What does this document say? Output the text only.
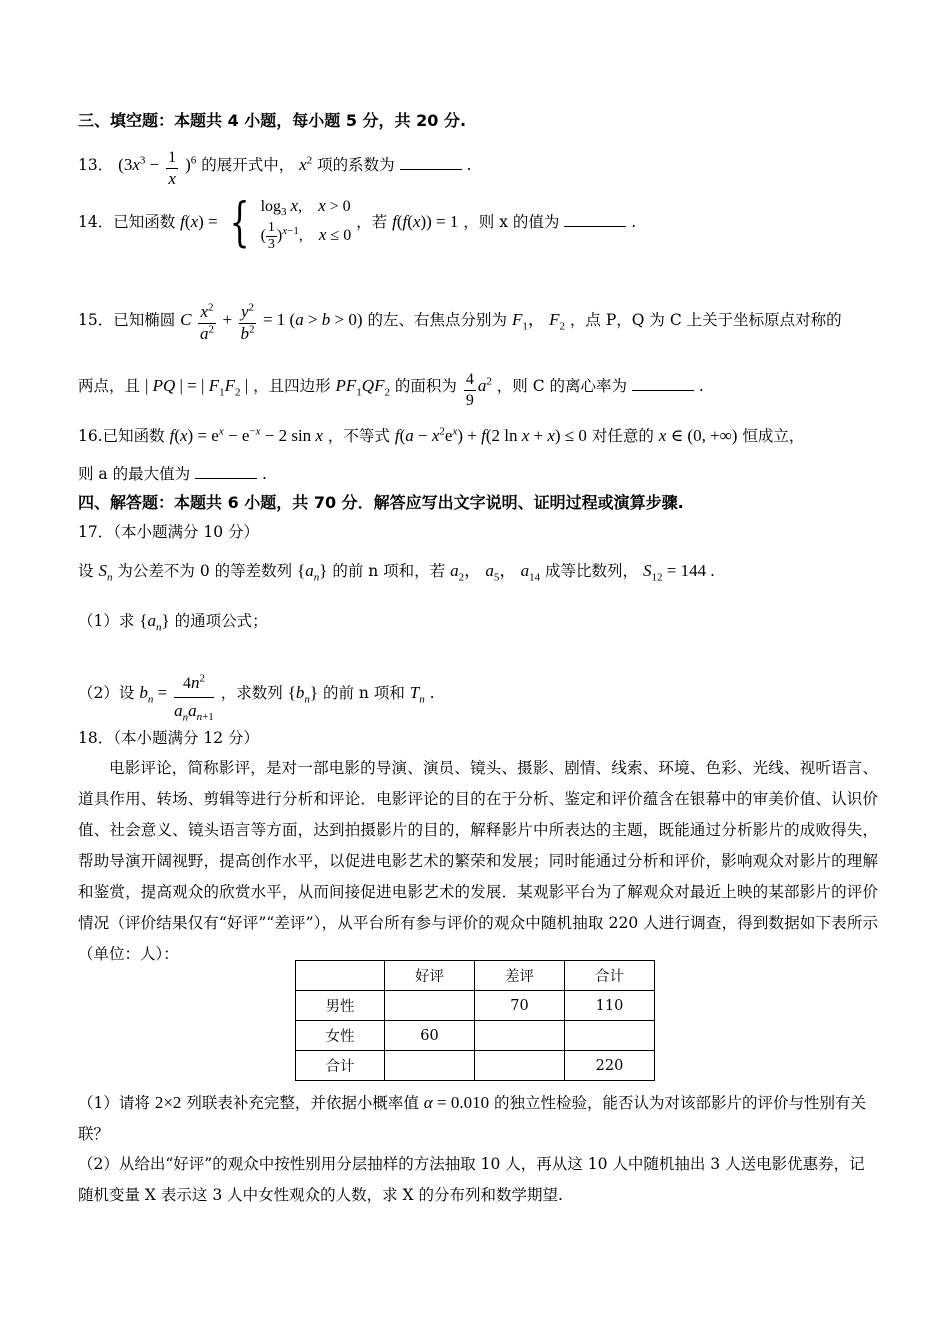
三、填空题：本题共 4 小题，每小题 5 分，共 20 分.
13． $(3x^3 - \frac{1}{x} )^6$ 的展开式中， $x^2$ 项的系数为	.
14．已知函数 f(x) = { $\log_3 x$,    x > 0
( $\frac{1}{3} )^{x-1}$,    x ≤ 0
，若 f(f(x)) = 1 ，则 x 的值为	.
15．已知椭圆 C $\frac{x^2}{a^2} + \frac{y^2}{b^2} = 1$ (a > b > 0) 的左、右焦点分别为 $F_1$， $F_2$ ，点 P，Q 为 C 上关于坐标原点对称的
两点，且 | PQ | = | $F_1F_2$ | ，且四边形 $PF_1QF_2$ 的面积为 $\frac{4}{9} a^2$ ，则 C 的离心率为	.
16.已知函数 $f(x) = e^x - e^{-x} - 2$ sin x ，不等式 $f(a - x^2e^x) + f(2$ ln x + x) ≤ 0 对任意的 x ∈ (0, +∞) 恒成立，
则 a 的最大值为	.
四、解答题：本题共 6 小题，共 70 分．解答应写出文字说明、证明过程或演算步骤.
17．（本小题满分 10 分）
设 $S_n$ 为公差不为 0 的等差数列 $\{a_n\}$ 的前 n 项和，若 $a_2$， $a_5$， $a_{14}$ 成等比数列， $S_{12} = 144$ .
（1）求 $\{a_n\}$ 的通项公式；
（2）设 $b_n = \frac{4n^2}{a_na_{n+1}}$ ，求数列 $\{b_n\}$ 的前 n 项和 $T_n$ .
18．（本小题满分 12 分）
电影评论，简称影评，是对一部电影的导演、演员、镜头、摄影、剧情、线索、环境、色彩、光线、视听语言、道具作用、转场、剪辑等进行分析和评论．电影评论的目的在于分析、鉴定和评价蕴含在银幕中的审美价值、认识价值、社会意义、镜头语言等方面，达到拍摄影片的目的，解释影片中所表达的主题，既能通过分析影片的成败得失，帮助导演开阔视野，提高创作水平，以促进电影艺术的繁荣和发展；同时能通过分析和评价，影响观众对影片的理解和鉴赏，提高观众的欣赏水平，从而间接促进电影艺术的发展．某观影平台为了解观众对最近上映的某部影片的评价情况（评价结果仅有“好评”“差评”），从平台所有参与评价的观众中随机抽取 220 人进行调查，得到数据如下表所示（单位：人）：
	好评	差评	合计
男性		70	110
女性	60		
合计			220
（1）请将 2×2 列联表补充完整，并依据小概率值 α = 0.010 的独立性检验，能否认为对该部影片的评价与性别有关联？
（2）从给出“好评”的观众中按性别用分层抽样的方法抽取 10 人，再从这 10 人中随机抽出 3 人送电影优惠券，记随机变量 X 表示这 3 人中女性观众的人数，求 X 的分布列和数学期望.
